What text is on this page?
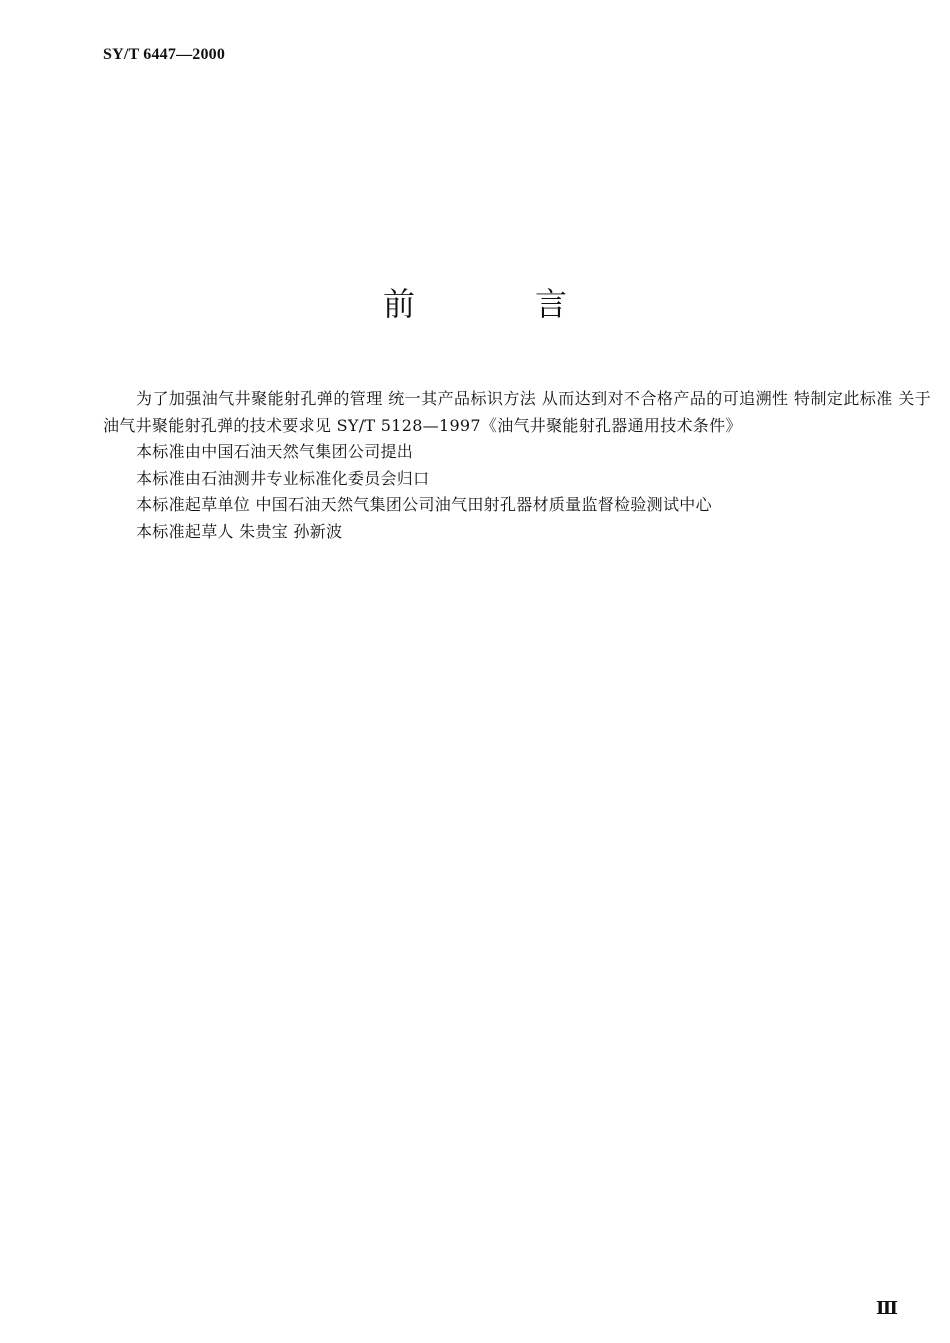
SY/T 6447—2000
前	言

为了加强油气井聚能射孔弹的管理 统一其产品标识方法 从而达到对不合格产品的可追溯性 特制定此标准 关于油气井聚能射孔弹的技术要求见 SY/T 5128—1997《油气井聚能射孔器通用技术条件》

本标准由中国石油天然气集团公司提出

本标准由石油测井专业标准化委员会归口

本标准起草单位 中国石油天然气集团公司油气田射孔器材质量监督检验测试中心

本标准起草人 朱贵宝 孙新波

Ⅲ
